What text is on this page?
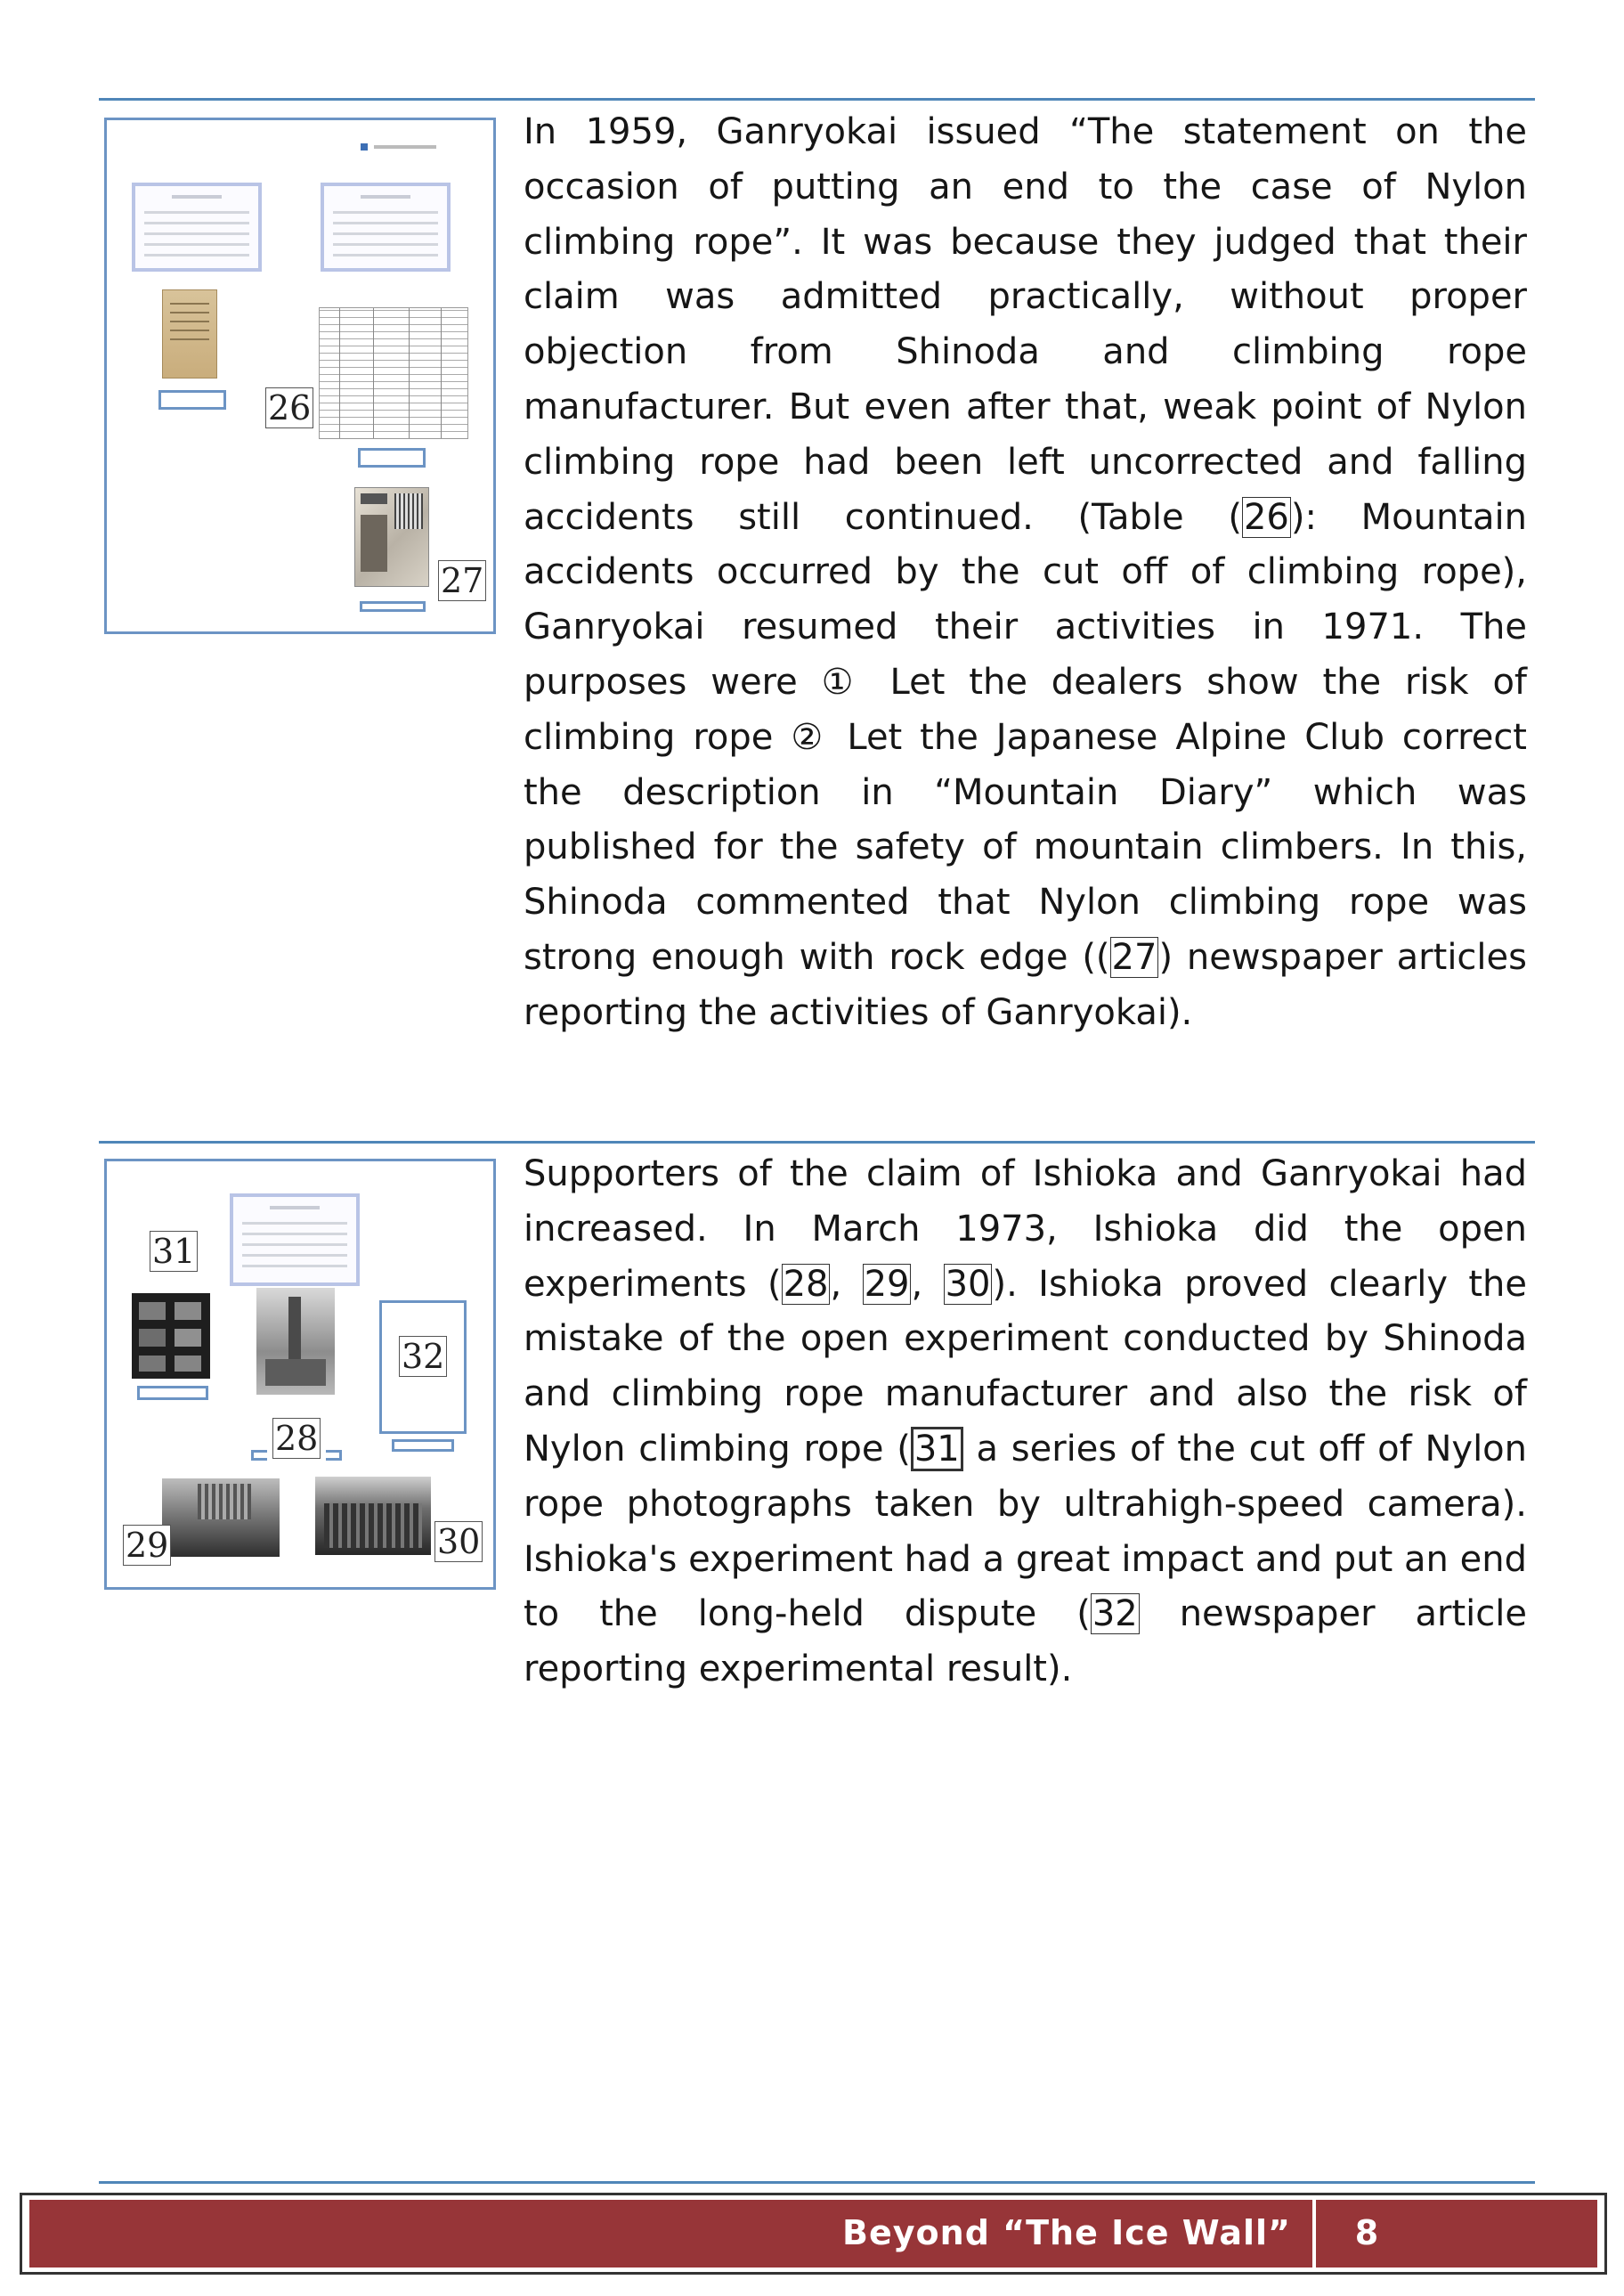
26
27

In 1959, Ganryokai issued “The statement on the occasion of putting an end to the case of Nylon climbing rope”. It was because they judged that their claim was admitted practically, without proper objection from Shinoda and climbing rope manufacturer. But even after that, weak point of Nylon climbing rope had been left uncorrected and falling accidents still continued. (Table (26): Mountain accidents occurred by the cut off of climbing rope), Ganryokai resumed their activities in 1971. The purposes were ① Let the dealers show the risk of climbing rope ② Let the Japanese Alpine Club correct the description in “Mountain Diary” which was published for the safety of mountain climbers. In this, Shinoda commented that Nylon climbing rope was strong enough with rock edge ((27) newspaper articles reporting the activities of Ganryokai).

31
32
28
29	30

Supporters of the claim of Ishioka and Ganryokai had increased. In March 1973, Ishioka did the open experiments (28, 29, 30). Ishioka proved clearly the mistake of the open experiment conducted by Shinoda and climbing rope manufacturer and also the risk of Nylon climbing rope ( 31 a series of the cut off of Nylon rope photographs taken by ultrahigh-speed camera). Ishioka's experiment had a great impact and put an end to the long-held dispute (32 newspaper article reporting experimental result).

Beyond “The Ice Wall”	8
